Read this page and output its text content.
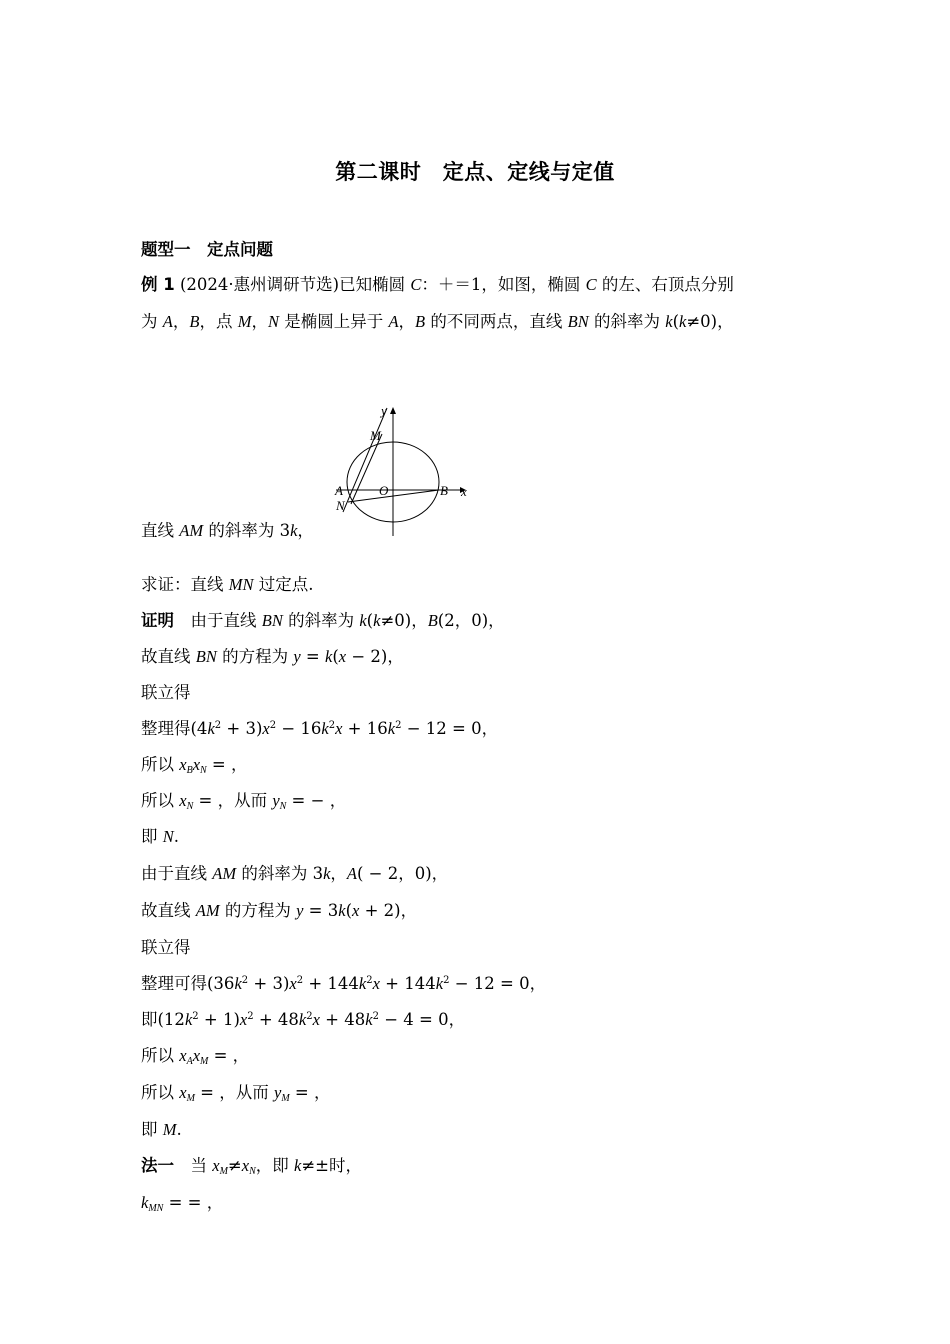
第二课时　定点、定线与定值
题型一　定点问题
例 1 (2024·惠州调研节选)已知椭圆 C：＋＝1，如图，椭圆 C 的左、右顶点分别
为 A，B，点 M，N 是椭圆上异于 A，B 的不同两点，直线 BN 的斜率为 k(k≠0)，
y
x
M
A	O	B
N
直线 AM 的斜率为 3k，
求证：直线 MN 过定点.
证明　由于直线 BN 的斜率为 k(k≠0)，B(2，0)，
故直线 BN 的方程为 y = k(x − 2)，
联立得
整理得$(4k^2 + 3)x^2 - 16k^2x + 16k^2 - 12 = 0$，
所以 $x_Bx_N$ = ，
所以 $x_N$ = ，从而 $y_N$ = − ，
即 N.
由于直线 AM 的斜率为 3k，A( − 2，0)，
故直线 AM 的方程为 y = 3k(x + 2)，
联立得
整理可得$(36k^2 + 3)x^2 + 144k^2x + 144k^2 - 12 = 0$，
即$(12k^2 + 1)x^2 + 48k^2x + 48k^2 - 4 = 0$，
所以 $x_Ax_M$ = ，
所以 $x_M$ = ，从而 $y_M$ = ，
即 M.
法一　当 $x_M\ne x_N$，即 k≠±时，
$k_{MN}$ = = ，
